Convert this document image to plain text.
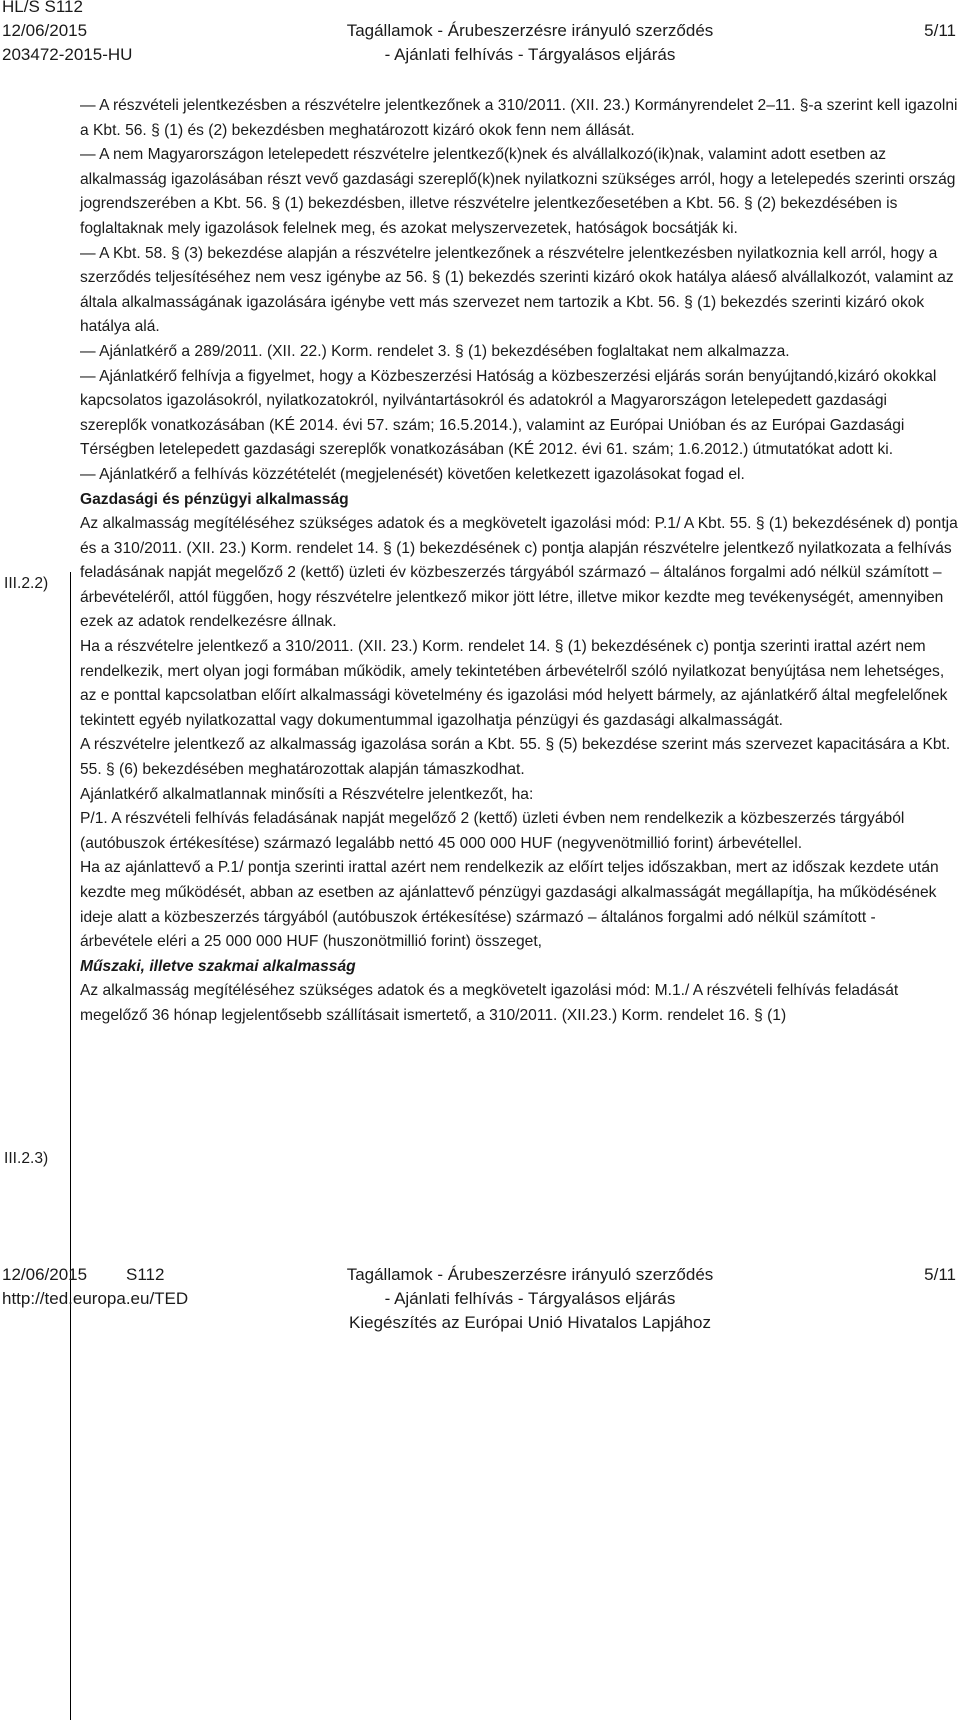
HL/S S112
12/06/2015
203472-2015-HU
Tagállamok - Árubeszerzésre irányuló szerződés
- Ajánlati felhívás - Tárgyalásos eljárás
5/11
III.2.2)
III.2.3)

— A részvételi jelentkezésben a részvételre jelentkezőnek a 310/2011. (XII. 23.) Kormányrendelet 2–11. §-a szerint kell igazolni a Kbt. 56. § (1) és (2) bekezdésben meghatározott kizáró okok fenn nem állását.

— A nem Magyarországon letelepedett részvételre jelentkező(k)nek és alvállalkozó(ik)nak, valamint adott esetben az alkalmasság igazolásában részt vevő gazdasági szereplő(k)nek nyilatkozni szükséges arról, hogy a letelepedés szerinti ország jogrendszerében a Kbt. 56. § (1) bekezdésben, illetve részvételre jelentkezőesetében a Kbt. 56. § (2) bekezdésében is foglaltaknak mely igazolások felelnek meg, és azokat melyszervezetek, hatóságok bocsátják ki.

— A Kbt. 58. § (3) bekezdése alapján a részvételre jelentkezőnek a részvételre jelentkezésben nyilatkoznia kell arról, hogy a szerződés teljesítéséhez nem vesz igénybe az 56. § (1) bekezdés szerinti kizáró okok hatálya aláeső alvállalkozót, valamint az általa alkalmasságának igazolására igénybe vett más szervezet nem tartozik a Kbt. 56. § (1) bekezdés szerinti kizáró okok hatálya alá.

— Ajánlatkérő a 289/2011. (XII. 22.) Korm. rendelet 3. § (1) bekezdésében foglaltakat nem alkalmazza.

— Ajánlatkérő felhívja a figyelmet, hogy a Közbeszerzési Hatóság a közbeszerzési eljárás során benyújtandó,kizáró okokkal kapcsolatos igazolásokról, nyilatkozatokról, nyilvántartásokról és adatokról a Magyarországon letelepedett gazdasági szereplők vonatkozásában (KÉ 2014. évi 57. szám; 16.5.2014.), valamint az Európai Unióban és az Európai Gazdasági Térségben letelepedett gazdasági szereplők vonatkozásában (KÉ 2012. évi 61. szám; 1.6.2012.) útmutatókat adott ki.

— Ajánlatkérő a felhívás közzétételét (megjelenését) követően keletkezett igazolásokat fogad el.

Gazdasági és pénzügyi alkalmasság

Az alkalmasság megítéléséhez szükséges adatok és a megkövetelt igazolási mód: P.1/ A Kbt. 55. § (1) bekezdésének d) pontja és a 310/2011. (XII. 23.) Korm. rendelet 14. § (1) bekezdésének c) pontja alapján részvételre jelentkező nyilatkozata a felhívás feladásának napját megelőző 2 (kettő) üzleti év közbeszerzés tárgyából származó – általános forgalmi adó nélkül számított – árbevételéről, attól függően, hogy részvételre jelentkező mikor jött létre, illetve mikor kezdte meg tevékenységét, amennyiben ezek az adatok rendelkezésre állnak.

Ha a részvételre jelentkező a 310/2011. (XII. 23.) Korm. rendelet 14. § (1) bekezdésének c) pontja szerinti irattal azért nem rendelkezik, mert olyan jogi formában működik, amely tekintetében árbevételről szóló nyilatkozat benyújtása nem lehetséges, az e ponttal kapcsolatban előírt alkalmassági követelmény és igazolási mód helyett bármely, az ajánlatkérő által megfelelőnek tekintett egyéb nyilatkozattal vagy dokumentummal igazolhatja pénzügyi és gazdasági alkalmasságát.

A részvételre jelentkező az alkalmasság igazolása során a Kbt. 55. § (5) bekezdése szerint más szervezet kapacitására a Kbt. 55. § (6) bekezdésében meghatározottak alapján támaszkodhat.

Ajánlatkérő alkalmatlannak minősíti a Részvételre jelentkezőt, ha:

P/1. A részvételi felhívás feladásának napját megelőző 2 (kettő) üzleti évben nem rendelkezik a közbeszerzés tárgyából (autóbuszok értékesítése) származó legalább nettó 45 000 000 HUF (negyvenötmillió forint) árbevétellel.

Ha az ajánlattevő a P.1/ pontja szerinti irattal azért nem rendelkezik az előírt teljes időszakban, mert az időszak kezdete után kezdte meg működését, abban az esetben az ajánlattevő pénzügyi gazdasági alkalmasságát megállapítja, ha működésének ideje alatt a közbeszerzés tárgyából (autóbuszok értékesítése) származó – általános forgalmi adó nélkül számított -

árbevétele eléri a 25 000 000 HUF (huszonötmillió forint) összeget,

Műszaki, illetve szakmai alkalmasság

Az alkalmasság megítéléséhez szükséges adatok és a megkövetelt igazolási mód: M.1./ A részvételi felhívás feladását megelőző 36 hónap legjelentősebb szállításait ismertető, a 310/2011. (XII.23.) Korm. rendelet 16. § (1)

12/06/2015 S112
http://ted.europa.eu/TED
Tagállamok - Árubeszerzésre irányuló szerződés
- Ajánlati felhívás - Tárgyalásos eljárás
Kiegészítés az Európai Unió Hivatalos Lapjához
5/11
